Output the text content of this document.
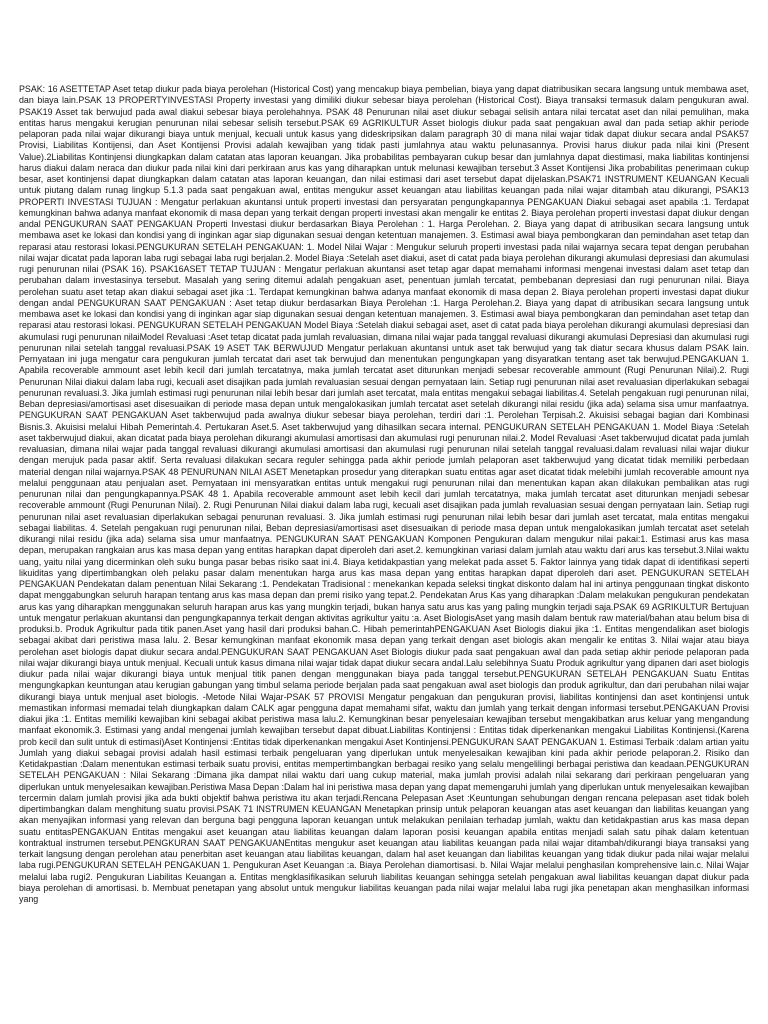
PSAK: 16 ASETTETAP Aset tetap diukur pada biaya perolehan (Historical Cost) yang mencakup biaya pembelian, biaya yang dapat diatribusikan secara langsung untuk membawa aset, dan biaya lain.PSAK 13 PROPERTYINVESTASI Property investasi yang dimiliki diukur sebesar biaya perolehan (Historical Cost). Biaya transaksi termasuk dalam pengukuran awal. PSAK19 Asset tak berwujud pada awal diakui sebesar biaya perolehahnya. PSAK 48 Penurunan nilai aset diukur sebagai selisih antara nilai tercatat aset dan nilai pemulihan, maka entitas harus mengakui kerugian penurunan nilai sebesar selisih tersebut.PSAK 69 AGRIKULTUR Asset biologis diukur pada saat pengakuan awal dan pada setiap akhir periode pelaporan pada nilai wajar dikurangi biaya untuk menjual, kecuali untuk kasus yang dideskripsikan dalam paragraph 30 di mana nilai wajar tidak dapat diukur secara andal PSAK57 Provisi, Liabilitas Kontijensi, dan Aset Kontijensi Provisi adalah kewajiban yang tidak pasti jumlahnya atau waktu pelunasannya. Provisi harus diukur pada nilai kini (Present Value).2Liabilitas Kontinjensi diungkapkan dalam catatan atas laporan keuangan. Jika probabilitas pembayaran cukup besar dan jumlahnya dapat diestimasi, maka liabilitas kontinjensi harus diakui dalam neraca dan diukur pada nilai kini dari perkiraan arus kas yang diharapkan untuk melunasi kewajiban tersebut.3 Asset Kontijensi Jika probabilitas penerimaan cukup besar, aset kontinjensi dapat diungkapkan dalam catatan atas laporan keuangan, dan nilai estimasi dari aset tersebut dapat dijelaskan.PSAK71 INSTRUMENT KEUANGAN Kecuali untuk piutang dalam runag lingkup 5.1.3 pada saat pengakuan awal, entitas mengukur asset keuangan atau liabilitas keuangan pada nilai wajar ditambah atau dikurangi, PSAK13 PROPERTI INVESTASI TUJUAN : Mengatur perlakuan akuntansi untuk properti investasi dan persyaratan pengungkapannya PENGAKUAN Diakui sebagai aset apabila :1. Terdapat kemungkinan bahwa adanya manfaat ekonomik di masa depan yang terkait dengan properti investasi akan mengalir ke entitas 2. Biaya perolehan properti investasi dapat diukur dengan andal PENGUKURAN SAAT PENGAKUAN Properti Investasi diukur berdasarkan Biaya Perolehan : 1. Harga Perolehan. 2. Biaya yang dapat di atribusikan secara langsung untuk membawa aset ke lokasi dan kondisi yang di inginkan agar siap digunakan sesuai dengan ketentuan manajemen. 3. Estimasi awal biaya pembongkaran dan pemindahan aset tetap dan reparasi atau restorasi lokasi.PENGUKURAN SETELAH PENGAKUAN: 1. Model Nilai Wajar : Mengukur seluruh properti investasi pada nilai wajarnya secara tepat dengan perubahan nilai wajar dicatat pada laporan laba rugi sebagai laba rugi berjalan.2. Model Biaya :Setelah aset diakui, aset di catat pada biaya perolehan dikurangi akumulasi depresiasi dan akumulasi rugi penurunan nilai (PSAK 16). PSAK16ASET TETAP TUJUAN : Mengatur perlakuan akuntansi aset tetap agar dapat memahami informasi mengenai investasi dalam aset tetap dan perubahan dalam investasinya tersebut. Masalah yang sering ditemui adalah pengakuan aset, penentuan jumlah tercatat, pembebanan depresiasi dan rugi penurunan nilai. Biaya perolehan suatu aset tetap akan diakui sebagai aset jika :1. Terdapat kemungkinan bahwa adanya manfaat ekonomik di masa depan 2. Biaya perolehan properti investasi dapat diukur dengan andal PENGUKURAN SAAT PENGAKUAN : Aset tetap diukur berdasarkan Biaya Perolehan :1. Harga Perolehan.2. Biaya yang dapat di atribusikan secara langsung untuk membawa aset ke lokasi dan kondisi yang di inginkan agar siap digunakan sesuai dengan ketentuan manajemen. 3. Estimasi awal biaya pembongkaran dan pemindahan aset tetap dan reparasi atau restorasi lokasi. PENGUKURAN SETELAH PENGAKUAN Model Biaya :Setelah diakui sebagai aset, aset di catat pada biaya perolehan dikurangi akumulasi depresiasi dan akumulasi rugi penurunan nilaiModel Revaluasi :Aset tetap dicatat pada jumlah revaluasian, dimana nilai wajar pada tanggal revaluasi dikurangi akumulasi Depresiasi dan akumulasi rugi penurunan nilai setelah tanggal revaluasi.PSAK 19 ASET TAK BERWUJUD Mengatur perlakuan akuntansi untuk aset tak berwujud yang tak diatur secara khusus dalam PSAK lain. Pernyataan ini juga mengatur cara pengukuran jumlah tercatat dari aset tak berwujud dan menentukan pengungkapan yang disyaratkan tentang aset tak berwujud.PENGAKUAN 1. Apabila recoverable ammount aset lebih kecil dari jumlah tercatatnya, maka jumlah tercatat aset diturunkan menjadi sebesar recoverable ammount (Rugi Penurunan Nilai).2. Rugi Penurunan Nilai diakui dalam laba rugi, kecuali aset disajikan pada jumlah revaluasian sesuai dengan pernyataan lain. Setiap rugi penurunan nilai aset revaluasian diperlakukan sebagai penurunan revaluasi.3. Jika jumlah estimasi rugi penurunan nilai lebih besar dari jumlah aset tercatat, mala entitas mengakui sebagai liabilitas.4. Setelah pengakuan rugi penurunan nilai, Beban depresiasi/amortisasi aset disesuaikan di periode masa depan untuk mengalokasikan jumlah tercatat aset setelah dikurangi nilai residu (jika ada) selama sisa umur manfaatnya. PENGUKURAN SAAT PENGAKUAN Aset takberwujud pada awalnya diukur sebesar biaya perolehan, terdiri dari :1. Perolehan Terpisah.2. Akuisisi sebagai bagian dari Kombinasi Bisnis.3. Akuisisi melalui Hibah Pemerintah.4. Pertukaran Aset.5. Aset takberwujud yang dihasilkan secara internal. PENGUKURAN SETELAH PENGAKUAN 1. Model Biaya :Setelah aset takberwujud diakui, akan dicatat pada biaya perolehan dikurangi akumulasi amortisasi dan akumulasi rugi penurunan nilai.2. Model Revaluasi :Aset takberwujud dicatat pada jumlah revaluasian, dimana nilai wajar pada tanggal revaluasi dikurangi akumulasi amortisasi dan akumulasi rugi penurunan nilai setelah tanggal revaluasi.dalam revaluasi nilai wajar diukur dengan merujuk pada pasar aktif. Serta revaluasi dilakukan secara reguler sehingga pada akhir periode jumlah pelaporan aset takberwujud yang dicatat tidak memiliki perbedaan material dengan nilai wajarnya.PSAK 48 PENURUNAN NILAI ASET Menetapkan prosedur yang diterapkan suatu entitas agar aset dicatat tidak melebihi jumlah recoverable amount nya melalui penggunaan atau penjualan aset. Pernyataan ini mensyaratkan entitas untuk mengakui rugi penurunan nilai dan menentukan kapan akan dilakukan pembalikan atas rugi penurunan nilai dan pengungkapannya.PSAK 48 1. Apabila recoverable ammount aset lebih kecil dari jumlah tercatatnya, maka jumlah tercatat aset diturunkan menjadi sebesar recoverable ammount (Rugi Penurunan Nilai). 2. Rugi Penurunan Nilai diakui dalam laba rugi, kecuali aset disajikan pada jumlah revaluasian sesuai dengan pernyataan lain. Setiap rugi penurunan nilai aset revaluasian diperlakukan sebagai penurunan revaluasi. 3. Jika jumlah estimasi rugi penurunan nilai lebih besar dari jumlah aset tercatat, mala entitas mengakui sebagai liabilitas. 4. Setelah pengakuan rugi penurunan nilai, Beban depresiasi/amortisasi aset disesuaikan di periode masa depan untuk mengalokasikan jumlah tercatat aset setelah dikurangi nilai residu (jika ada) selama sisa umur manfaatnya. PENGUKURAN SAAT PENGAKUAN Komponen Pengukuran dalam mengukur nilai pakai:1. Estimasi arus kas masa depan, merupakan rangkaian arus kas masa depan yang entitas harapkan dapat diperoleh dari aset.2. kemungkinan variasi dalam jumlah atau waktu dari arus kas tersebut.3.Nilai waktu uang, yaitu nilai yang dicerminkan oleh suku bunga pasar bebas risiko saat ini.4. Biaya ketidakpastian yang melekat pada asset 5. Faktor lainnya yang tidak dapat di identifikasi seperti likuiditas yang dipertimbangkan oleh pelaku pasar dalam menentukan harga arus kas masa depan yang entitas harapkan dapat diperoleh dari aset. PENGUKURAN SETELAH PENGAKUAN Pendekatan dalam penentuan Nilai Sekarang :1. Pendekatan Tradisional : menekankan kepada seleksi tingkat diskonto dalam hal ini artinya penggunaan tingkat diskonto dapat menggabungkan seluruh harapan tentang arus kas masa depan dan premi risiko yang tepat.2. Pendekatan Arus Kas yang diharapkan :Dalam melakukan pengukuran pendekatan arus kas yang diharapkan menggunakan seluruh harapan arus kas yang mungkin terjadi, bukan hanya satu arus kas yang paling mungkin terjadi saja.PSAK 69 AGRIKULTUR Bertujuan untuk mengatur perlakuan akuntansi dan pengungkapannya terkait dengan aktivitas agrikultur yaitu :a. Aset BiologisAset yang masih dalam bentuk raw material/bahan atau belum bisa di produksi.b. Produk Agrikultur pada titik panen.Aset yang hasil dari produksi bahan.C. Hibah pemerintahPENGAKUAN Aset Biologis diakui jika :1. Entitas mengendalikan aset biologis sebagai akibat dari peristiwa masa lalu. 2. Besar kemungkinan manfaat ekonomik masa depan yang terkait dengan aset biologis akan mengalir ke entitas 3. Nilai wajar atau biaya perolehan aset biologis dapat diukur secara andal.PENGUKURAN SAAT PENGAKUAN Aset Biologis diukur pada saat pengakuan awal dan pada setiap akhir periode pelaporan pada nilai wajar dikurangi biaya untuk menjual. Kecuali untuk kasus dimana nilai wajar tidak dapat diukur secara andal.Lalu selebihnya Suatu Produk agrikultur yang dipanen dari aset biologis diukur pada nilai wajar dikurangi biaya untuk menjual titik panen dengan menggunakan biaya pada tanggal tersebut.PENGUKURAN SETELAH PENGAKUAN Suatu Entitas mengungkapkan keuntungan atau kerugian gabungan yang timbul selama periode berjalan pada saat pengakuan awal aset biologis dan produk agrikultur, dan dari perubahan nilai wajar dikurangi biaya untuk menjual aset biologis. -Metode Nilai Wajar-PSAK 57 PROVISI Mengatur pengakuan dan pengukuran provisi, liabilitas kontinjensi dan aset kontinjensi untuk memastikan informasi memadai telah diungkapkan dalam CALK agar pengguna dapat memahami sifat, waktu dan jumlah yang terkait dengan informasi tersebut.PENGAKUAN Provisi diakui jika :1. Entitas memiliki kewajiban kini sebagai akibat peristiwa masa lalu.2. Kemungkinan besar penyelesaian kewajiban tersebut mengakibatkan arus keluar yang mengandung manfaat ekonomik.3. Estimasi yang andal mengenai jumlah kewajiban tersebut dapat dibuat.Liabilitas Kontinjensi : Entitas tidak diperkenankan mengakui Liabilitas Kontinjensi.(Karena prob kecil dan sulit untuk di estimasi)Aset Kontinjensi :Entitas tidak diperkenankan mengakui Aset Kontinjensi.PENGUKURAN SAAT PENGAKUAN 1. Estimasi Terbaik :dalam artian yaitu Jumlah yang diakui sebagai provisi adalah hasil estimasi terbaik pengeluaran yang diperlukan untuk menyelesaikan kewajiban kini pada akhir periode pelaporan.2. Risiko dan Ketidakpastian :Dalam menentukan estimasi terbaik suatu provisi, entitas mempertimbangkan berbagai resiko yang selalu mengelilingi berbagai peristiwa dan keadaan.PENGUKURAN SETELAH PENGAKUAN : Nilai Sekarang :Dimana jika dampat nilai waktu dari uang cukup material, maka jumlah provisi adalah nilai sekarang dari perkiraan pengeluaran yang diperlukan untuk menyelesaikan kewajiban.Peristiwa Masa Depan :Dalam hal ini peristiwa masa depan yang dapat memengaruhi jumlah yang diperlukan untuk menyelesaikan kewajiban tercermin dalam jumlah provisi jika ada bukti objektif bahwa peristiwa itu akan terjadi.Rencana Pelepasan Aset :Keuntungan sehubungan dengan rencana pelepasan aset tidak boleh dipertimbangkan dalam menghitung suatu provisi.PSAK 71 INSTRUMEN KEUANGAN Menetapkan prinsip untuk pelaporan keuangan atas aset keuangan dan liabilitas keuangan yang akan menyajikan informasi yang relevan dan berguna bagi pengguna laporan keuangan untuk melakukan penilaian terhadap jumlah, waktu dan ketidakpastian arus kas masa depan suatu entitasPENGAKUAN Entitas mengakui aset keuangan atau liabilitas keuangan dalam laporan posisi keuangan apabila entitas menjadi salah satu pihak dalam ketentuan kontraktual instrumen tersebut.PENGKURAN SAAT PENGAKUANEntitas mengukur aset keuangan atau liabilitas keuangan pada nilai wajar ditambah/dikurangi biaya transaksi yang terkait langsung dengan perolehan atau penerbitan aset keuangan atau liabilitas keuangan, dalam hal aset keuangan dan liabilitas keuangan yang tidak diukur pada nilai wajar melalui laba rugi.PENGUKURAN SETELAH PENGAKUAN 1. Pengukuran Aset Keuangan :a. Biaya Perolehan diamortisasi. b. Nilai Wajar melalui penghasilan komprehensive lain.c. Nilai Wajar melalui laba rugi2. Pengukuran Liabilitas Keuangan a. Entitas mengklasifikasikan seluruh liabilitas keuangan sehingga setelah pengakuan awal liabilitas keuangan dapat diukur pada biaya perolehan di amortisasi. b. Membuat penetapan yang absolut untuk mengukur liabilitas keuangan pada nilai wajar melalui laba rugi jika penetapan akan menghasilkan informasi yang
